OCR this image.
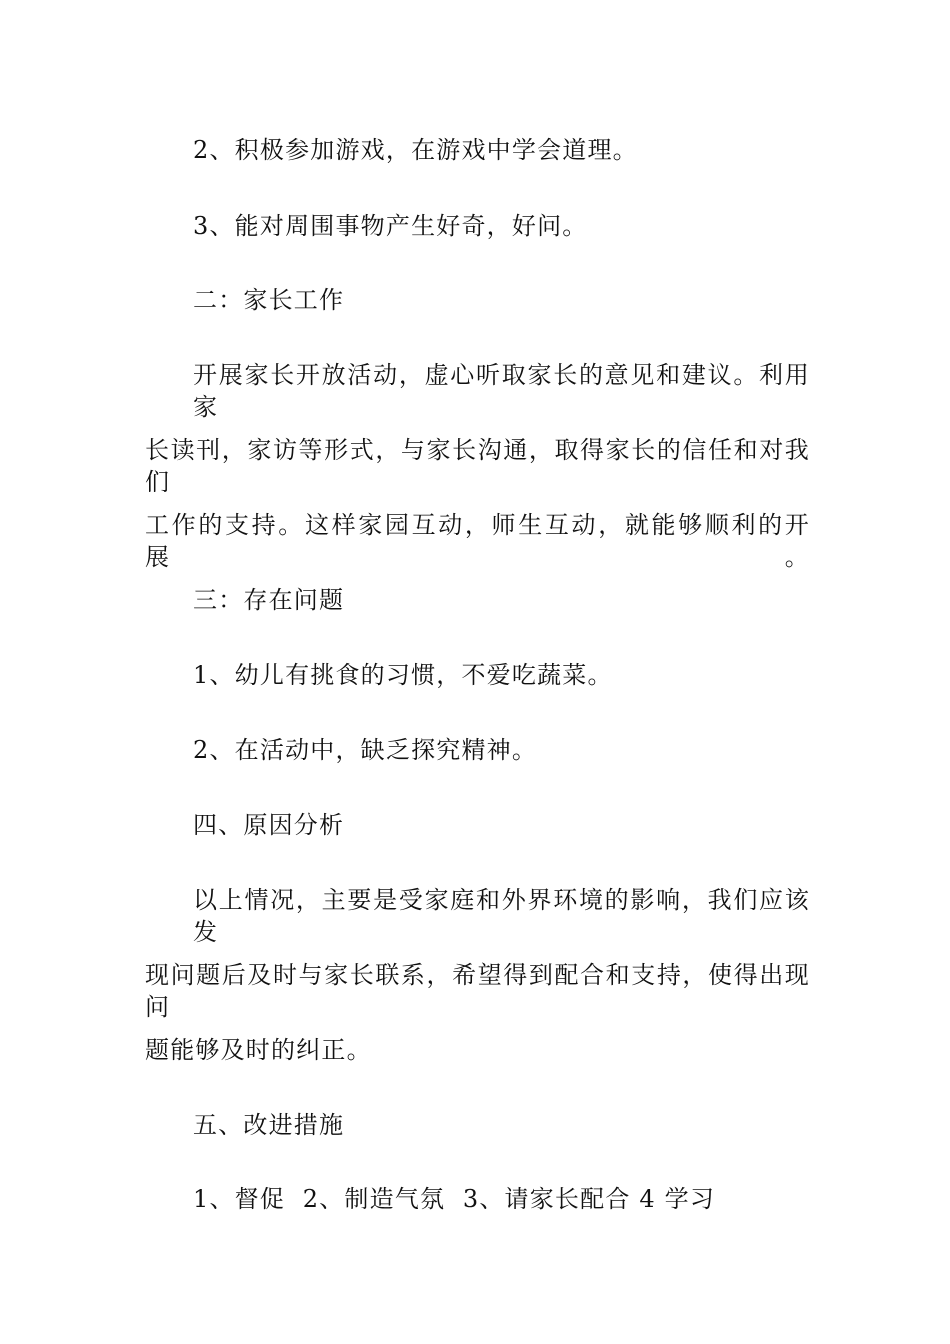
2、积极参加游戏，在游戏中学会道理。
3、能对周围事物产生好奇，好问。
二：家长工作
开展家长开放活动，虚心听取家长的意见和建议。利用家
长读刊，家访等形式，与家长沟通，取得家长的信任和对我们
工作的支持。这样家园互动，师生互动，就能够顺利的开展。
三：存在问题
1、幼儿有挑食的习惯，不爱吃蔬菜。
2、在活动中，缺乏探究精神。
四、原因分析
以上情况，主要是受家庭和外界环境的影响，我们应该发
现问题后及时与家长联系，希望得到配合和支持，使得出现问
题能够及时的纠正。
五、改进措施
1、督促  2、制造气氛  3、请家长配合 4 学习
